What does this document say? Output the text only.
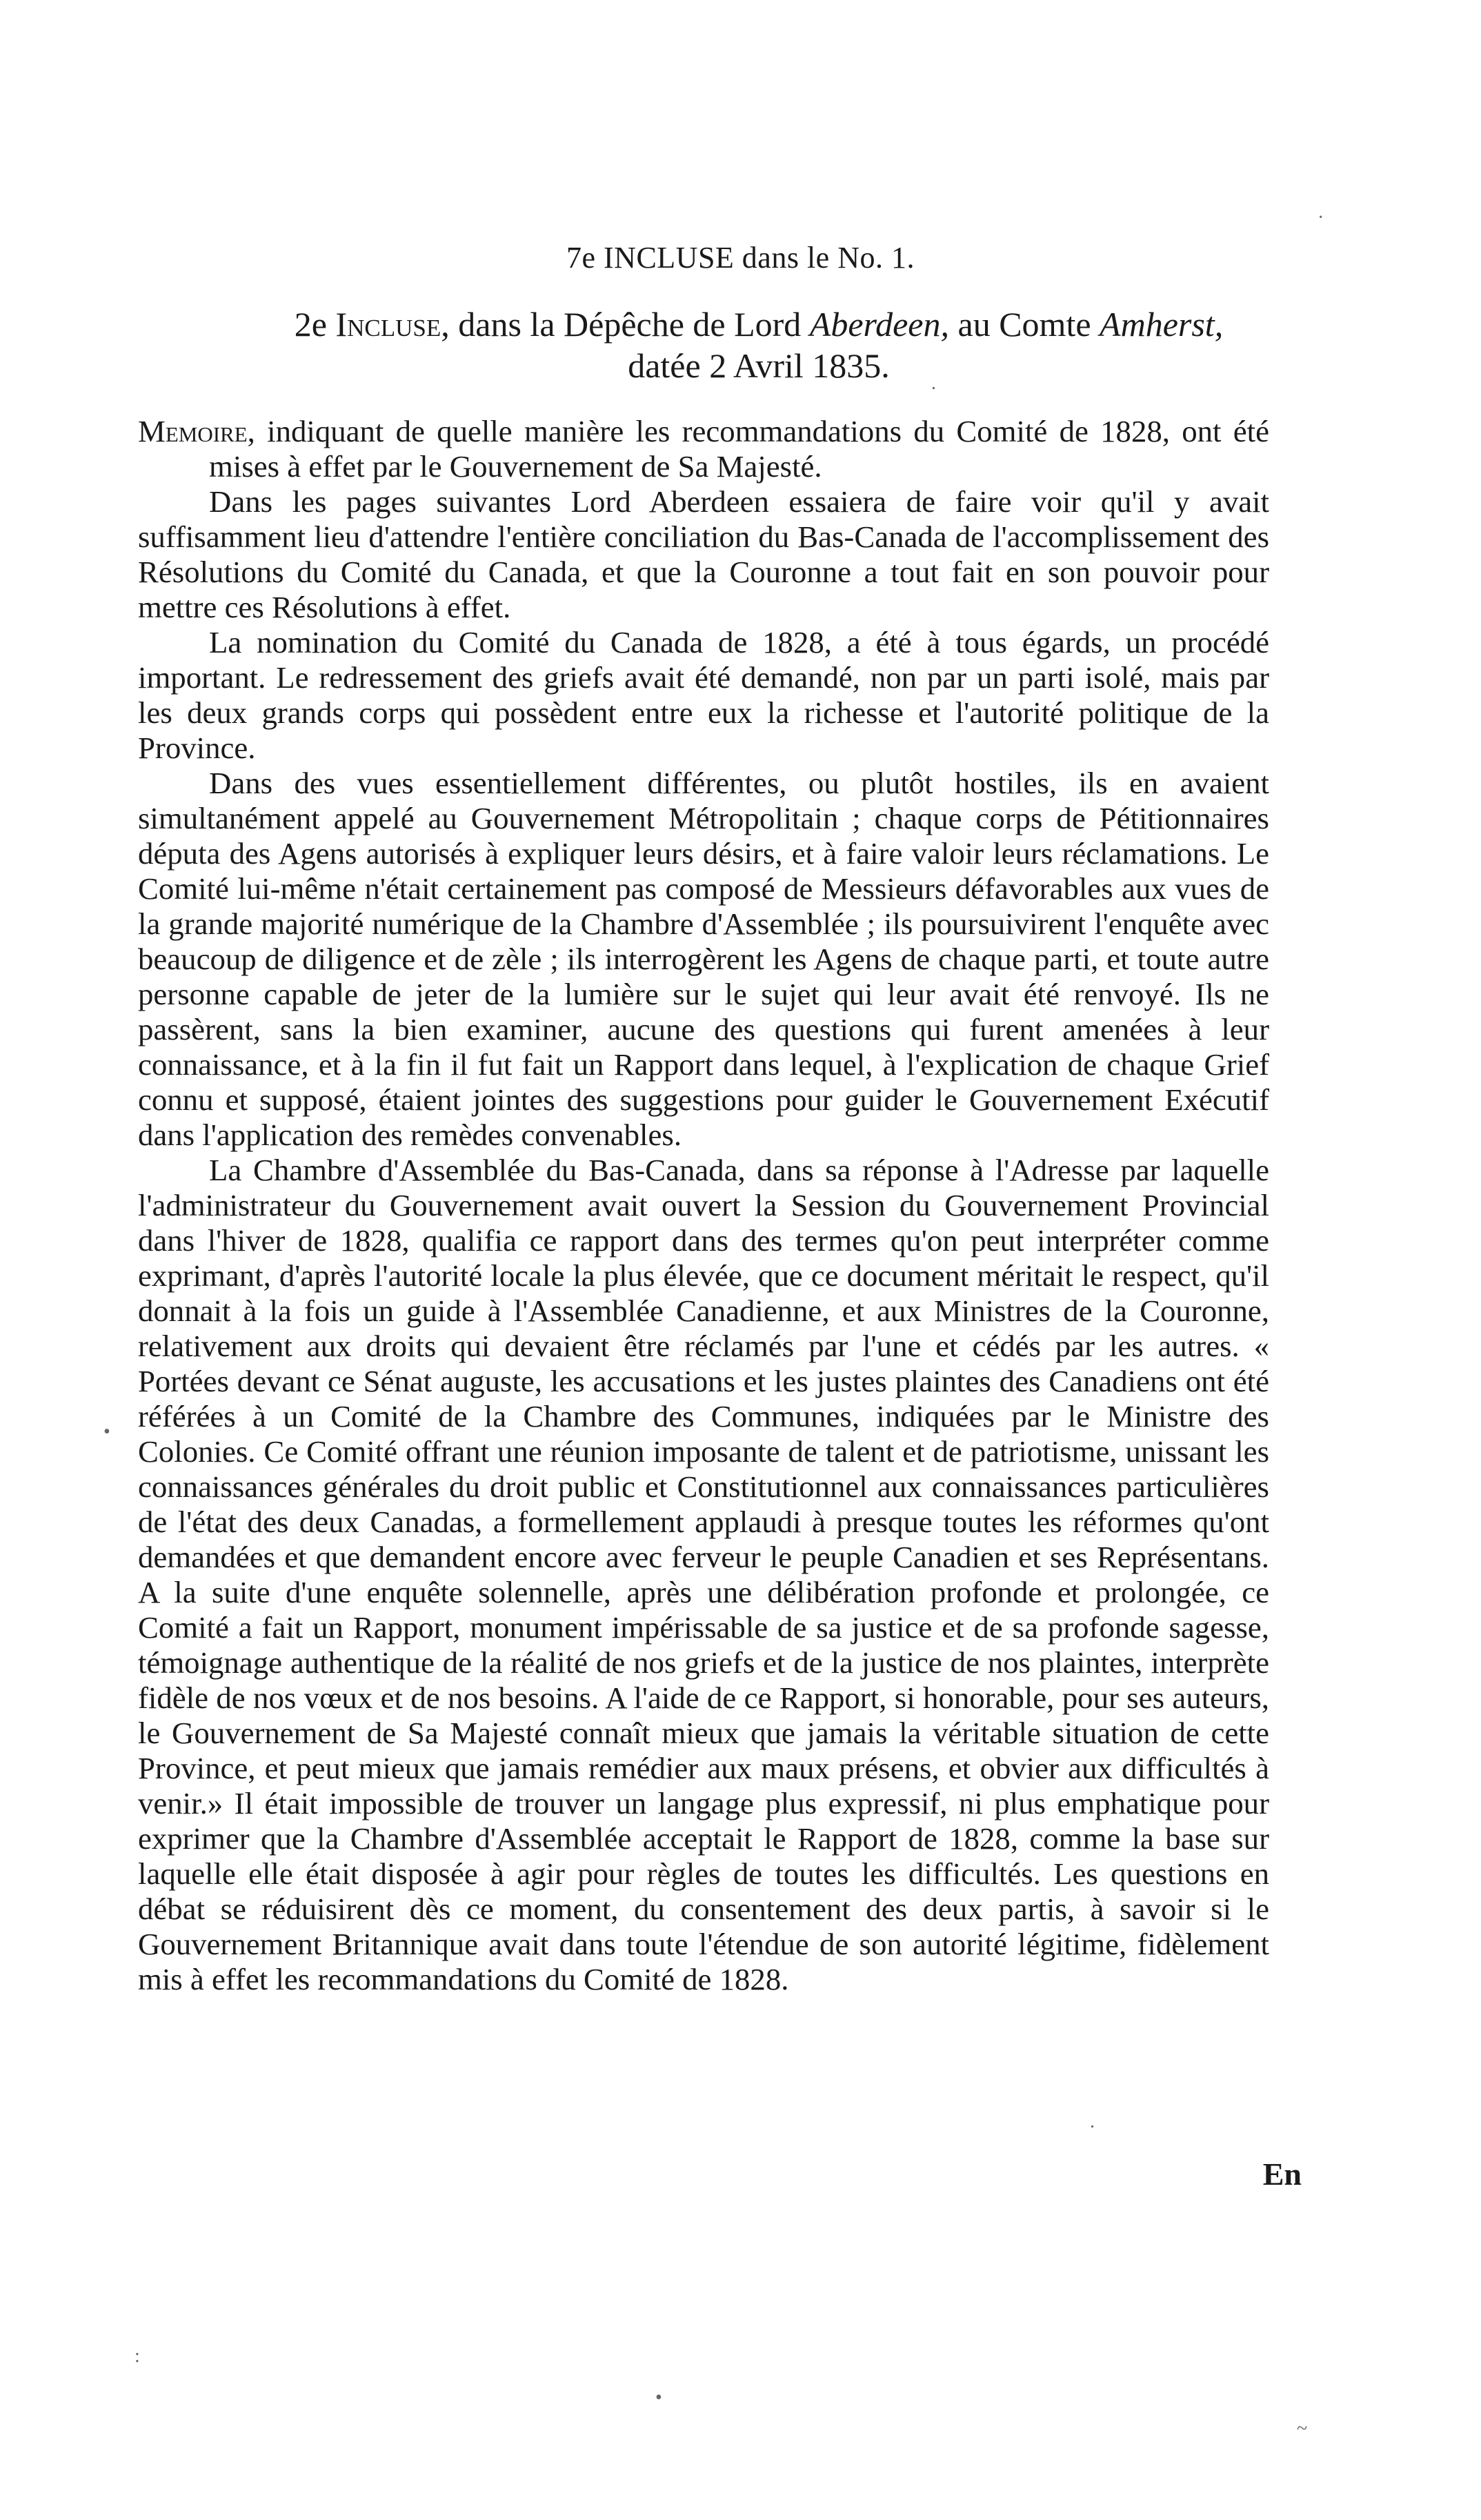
7e INCLUSE dans le No. 1.
2e Incluse, dans la Dépêche de Lord Aberdeen, au Comte Amherst, datée 2 Avril 1835.

Memoire, indiquant de quelle manière les recommandations du Comité de 1828, ont été mises à effet par le Gouvernement de Sa Majesté.

Dans les pages suivantes Lord Aberdeen essaiera de faire voir qu'il y avait suffisamment lieu d'attendre l'entière conciliation du Bas-Canada de l'accomplissement des Résolutions du Comité du Canada, et que la Couronne a tout fait en son pouvoir pour mettre ces Résolutions à effet.

La nomination du Comité du Canada de 1828, a été à tous égards, un procédé important. Le redressement des griefs avait été demandé, non par un parti isolé, mais par les deux grands corps qui possèdent entre eux la richesse et l'autorité politique de la Province.

Dans des vues essentiellement différentes, ou plutôt hostiles, ils en avaient simultanément appelé au Gouvernement Métropolitain ; chaque corps de Pétitionnaires députa des Agens autorisés à expliquer leurs désirs, et à faire valoir leurs réclamations. Le Comité lui-même n'était certainement pas composé de Messieurs défavorables aux vues de la grande majorité numérique de la Chambre d'Assemblée ; ils poursuivirent l'enquête avec beaucoup de diligence et de zèle ; ils interrogèrent les Agens de chaque parti, et toute autre personne capable de jeter de la lumière sur le sujet qui leur avait été renvoyé. Ils ne passèrent, sans la bien examiner, aucune des questions qui furent amenées à leur connaissance, et à la fin il fut fait un Rapport dans lequel, à l'explication de chaque Grief connu et supposé, étaient jointes des suggestions pour guider le Gouvernement Exécutif dans l'application des remèdes convenables.

La Chambre d'Assemblée du Bas-Canada, dans sa réponse à l'Adresse par laquelle l'administrateur du Gouvernement avait ouvert la Session du Gouvernement Provincial dans l'hiver de 1828, qualifia ce rapport dans des termes qu'on peut interpréter comme exprimant, d'après l'autorité locale la plus élevée, que ce document méritait le respect, qu'il donnait à la fois un guide à l'Assemblée Canadienne, et aux Ministres de la Couronne, relativement aux droits qui devaient être réclamés par l'une et cédés par les autres. « Portées devant ce Sénat auguste, les accusations et les justes plaintes des Canadiens ont été référées à un Comité de la Chambre des Communes, indiquées par le Ministre des Colonies. Ce Comité offrant une réunion imposante de talent et de patriotisme, unissant les connaissances générales du droit public et Constitutionnel aux connaissances particulières de l'état des deux Canadas, a formellement applaudi à presque toutes les réformes qu'ont demandées et que demandent encore avec ferveur le peuple Canadien et ses Représentans. A la suite d'une enquête solennelle, après une délibération profonde et prolongée, ce Comité a fait un Rapport, monument impérissable de sa justice et de sa profonde sagesse, témoignage authentique de la réalité de nos griefs et de la justice de nos plaintes, interprète fidèle de nos vœux et de nos besoins. A l'aide de ce Rapport, si honorable, pour ses auteurs, le Gouvernement de Sa Majesté connaît mieux que jamais la véritable situation de cette Province, et peut mieux que jamais remédier aux maux présens, et obvier aux difficultés à venir.» Il était impossible de trouver un langage plus expressif, ni plus emphatique pour exprimer que la Chambre d'Assemblée acceptait le Rapport de 1828, comme la base sur laquelle elle était disposée à agir pour règles de toutes les difficultés. Les questions en débat se réduisirent dès ce moment, du consentement des deux partis, à savoir si le Gouvernement Britannique avait dans toute l'étendue de son autorité légitime, fidèlement mis à effet les recommandations du Comité de 1828.

En
·
.
•
.
:
•
~
